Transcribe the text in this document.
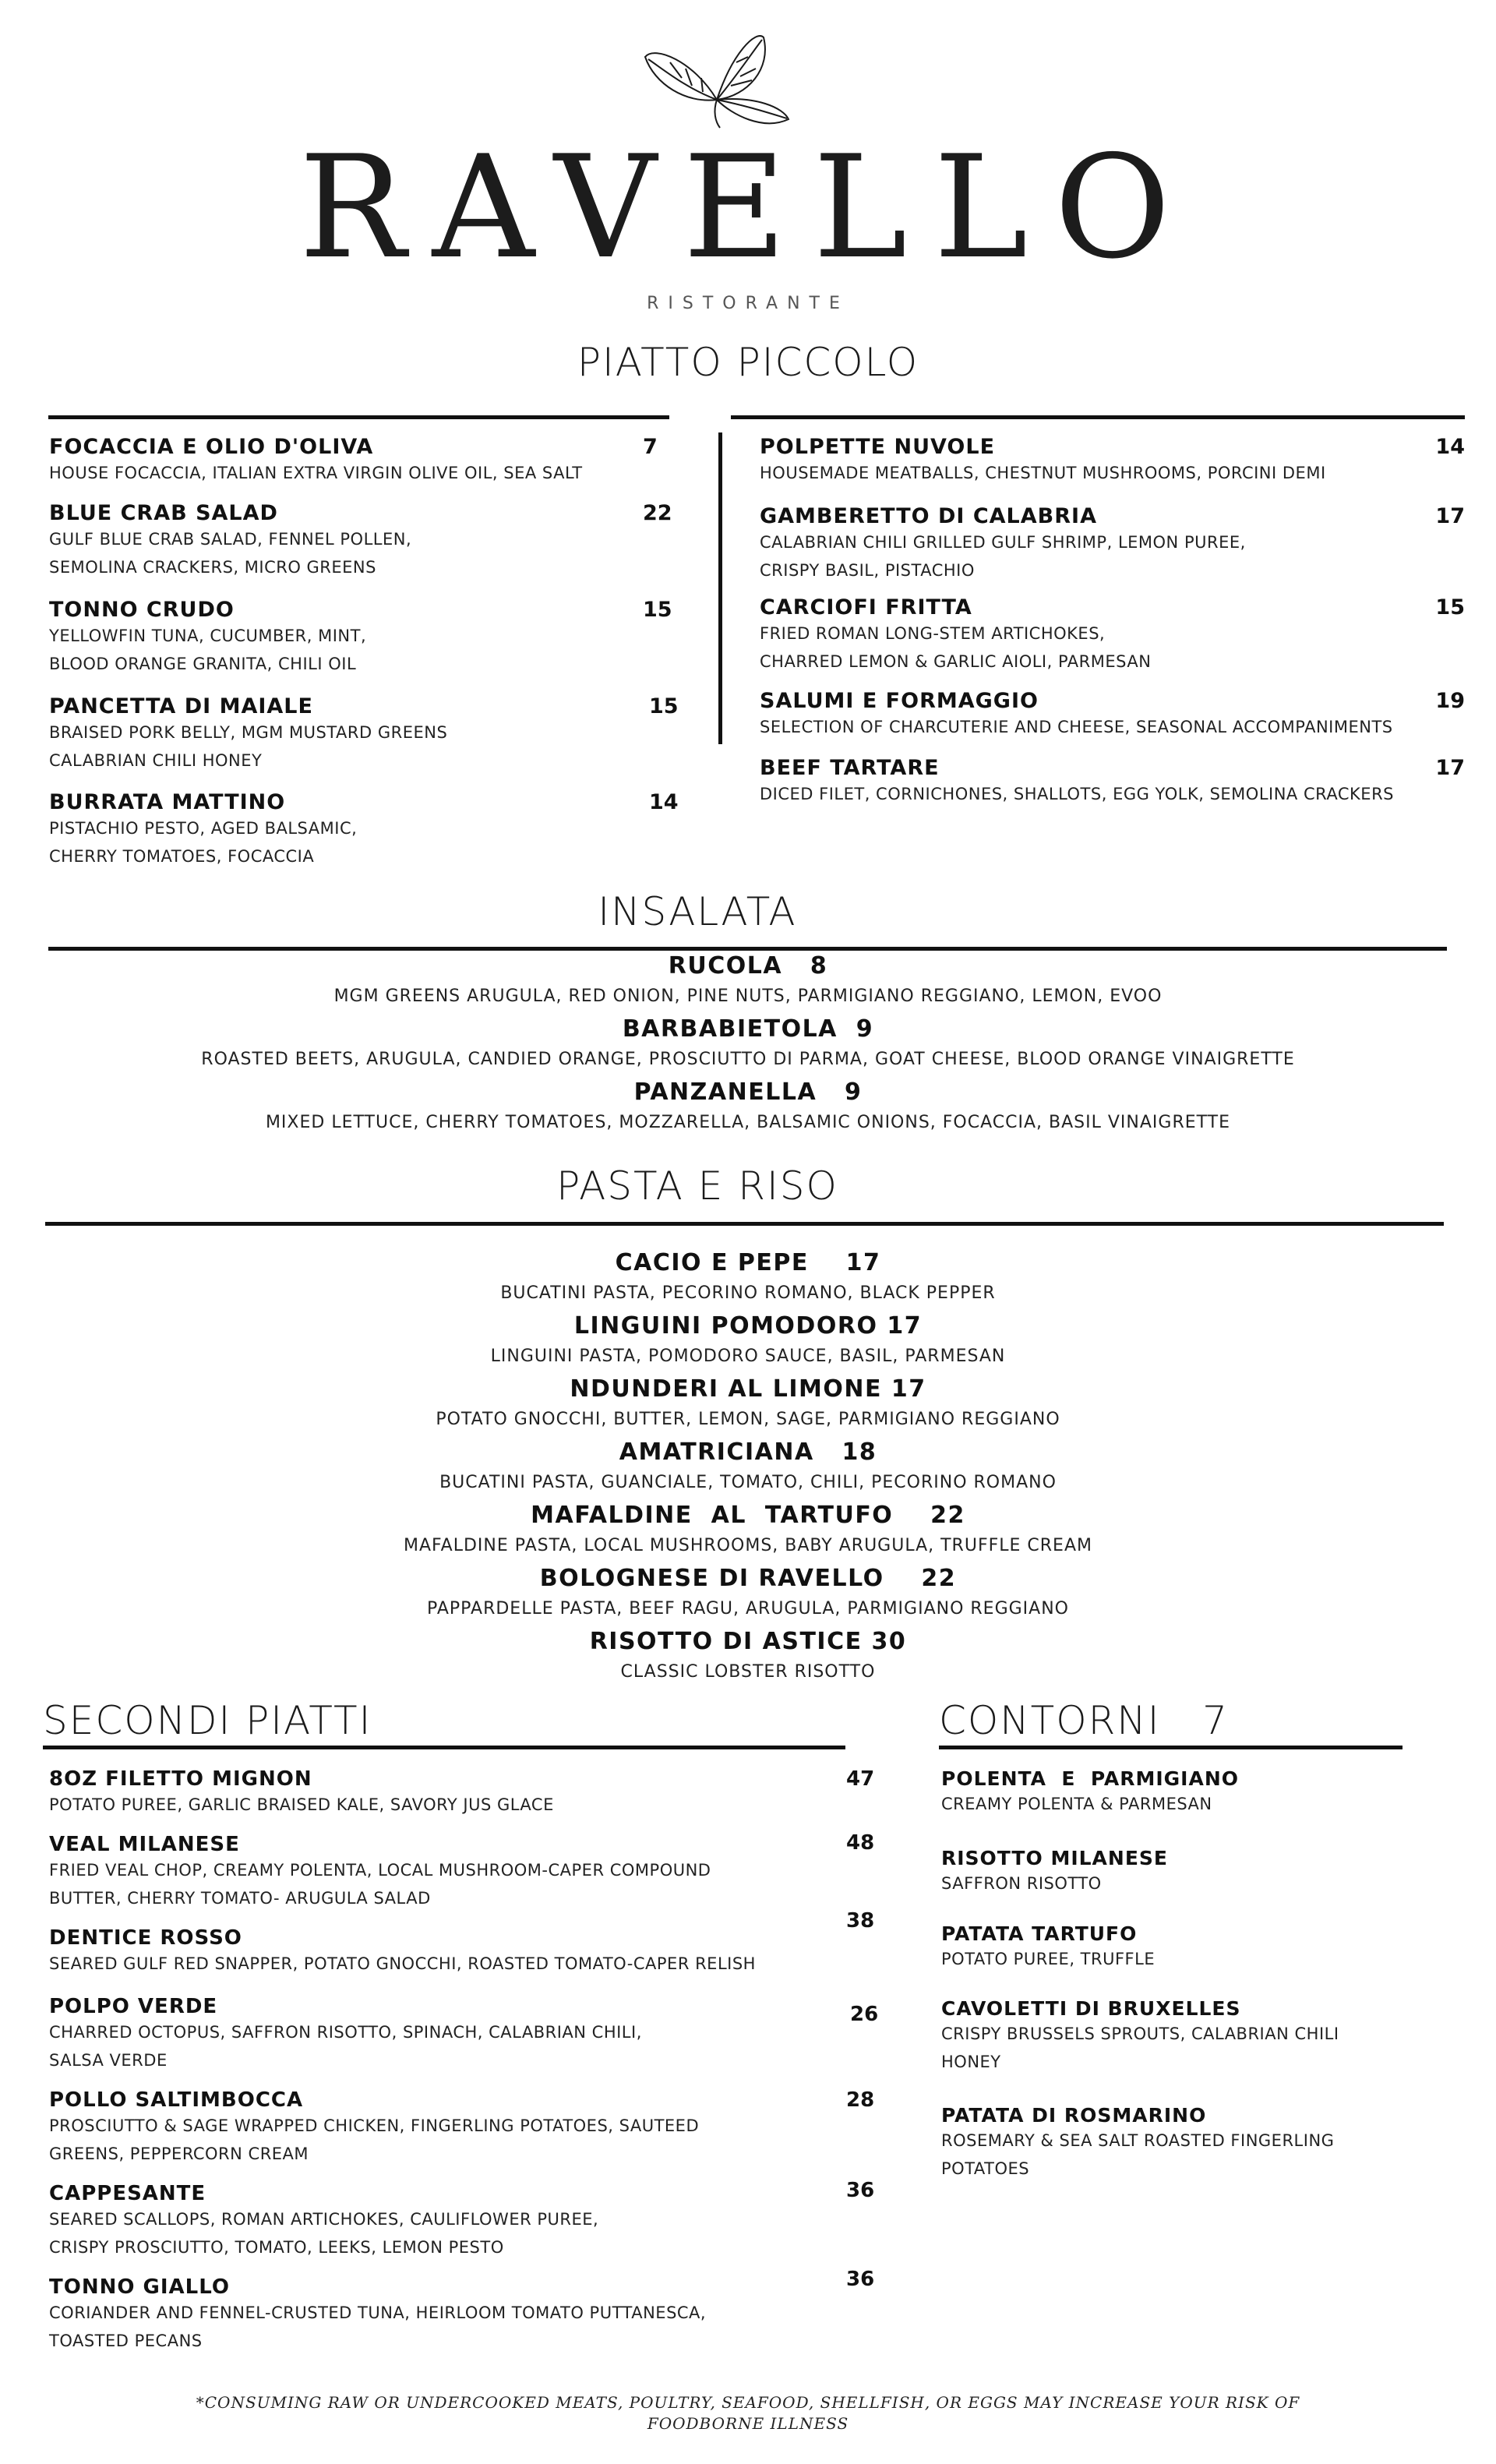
RAVELLO
RISTORANTE
PIATTO PICCOLO
FOCACCIA E OLIO D'OLIVA
HOUSE FOCACCIA, ITALIAN EXTRA VIRGIN OLIVE OIL, SEA SALT
7
BLUE CRAB SALAD
GULF BLUE CRAB SALAD, FENNEL POLLEN,
SEMOLINA CRACKERS, MICRO GREENS
22
TONNO CRUDO
YELLOWFIN TUNA, CUCUMBER, MINT,
BLOOD ORANGE GRANITA, CHILI OIL
15
PANCETTA DI MAIALE
BRAISED PORK BELLY, MGM MUSTARD GREENS
CALABRIAN CHILI HONEY
15
BURRATA MATTINO
PISTACHIO PESTO, AGED BALSAMIC,
CHERRY TOMATOES, FOCACCIA
14
POLPETTE NUVOLE
HOUSEMADE MEATBALLS, CHESTNUT MUSHROOMS, PORCINI DEMI
14
GAMBERETTO DI CALABRIA
CALABRIAN CHILI GRILLED GULF SHRIMP, LEMON PUREE,
CRISPY BASIL, PISTACHIO
17
CARCIOFI FRITTA
FRIED ROMAN LONG-STEM ARTICHOKES,
CHARRED LEMON & GARLIC AIOLI, PARMESAN
15
SALUMI E FORMAGGIO
SELECTION OF CHARCUTERIE AND CHEESE, SEASONAL ACCOMPANIMENTS
19
BEEF TARTARE
DICED FILET, CORNICHONES, SHALLOTS, EGG YOLK, SEMOLINA CRACKERS
17
INSALATA
RUCOLA   8
MGM GREENS ARUGULA, RED ONION, PINE NUTS, PARMIGIANO REGGIANO, LEMON, EVOO
BARBABIETOLA  9
ROASTED BEETS, ARUGULA, CANDIED ORANGE, PROSCIUTTO DI PARMA, GOAT CHEESE, BLOOD ORANGE VINAIGRETTE
PANZANELLA   9
MIXED LETTUCE, CHERRY TOMATOES, MOZZARELLA, BALSAMIC ONIONS, FOCACCIA, BASIL VINAIGRETTE
PASTA E RISO
CACIO E PEPE    17
BUCATINI PASTA, PECORINO ROMANO, BLACK PEPPER
LINGUINI POMODORO 17
LINGUINI PASTA, POMODORO SAUCE, BASIL, PARMESAN
NDUNDERI AL LIMONE 17
POTATO GNOCCHI, BUTTER, LEMON, SAGE, PARMIGIANO REGGIANO
AMATRICIANA   18
BUCATINI PASTA, GUANCIALE, TOMATO, CHILI, PECORINO ROMANO
MAFALDINE  AL  TARTUFO    22
MAFALDINE PASTA, LOCAL MUSHROOMS, BABY ARUGULA, TRUFFLE CREAM
BOLOGNESE DI RAVELLO    22
PAPPARDELLE PASTA, BEEF RAGU, ARUGULA, PARMIGIANO REGGIANO
RISOTTO DI ASTICE 30
CLASSIC LOBSTER RISOTTO
SECONDI PIATTI
8OZ FILETTO MIGNON
POTATO PUREE, GARLIC BRAISED KALE, SAVORY JUS GLACE
47
VEAL MILANESE
FRIED VEAL CHOP, CREAMY POLENTA, LOCAL MUSHROOM-CAPER COMPOUND
BUTTER, CHERRY TOMATO- ARUGULA SALAD
48
DENTICE ROSSO
SEARED GULF RED SNAPPER, POTATO GNOCCHI, ROASTED TOMATO-CAPER RELISH
38
POLPO VERDE
CHARRED OCTOPUS, SAFFRON RISOTTO, SPINACH, CALABRIAN CHILI,
SALSA VERDE
26
POLLO SALTIMBOCCA
PROSCIUTTO & SAGE WRAPPED CHICKEN, FINGERLING POTATOES, SAUTEED
GREENS, PEPPERCORN CREAM
28
CAPPESANTE
SEARED SCALLOPS, ROMAN ARTICHOKES, CAULIFLOWER PUREE,
CRISPY PROSCIUTTO, TOMATO, LEEKS, LEMON PESTO
36
TONNO GIALLO
CORIANDER AND FENNEL-CRUSTED TUNA, HEIRLOOM TOMATO PUTTANESCA,
TOASTED PECANS
36
CONTORNI   7
POLENTA  E  PARMIGIANO
CREAMY POLENTA & PARMESAN
RISOTTO MILANESE
SAFFRON RISOTTO
PATATA TARTUFO
POTATO PUREE, TRUFFLE
CAVOLETTI DI BRUXELLES
CRISPY BRUSSELS SPROUTS, CALABRIAN CHILI
HONEY
PATATA DI ROSMARINO
ROSEMARY & SEA SALT ROASTED FINGERLING
POTATOES
*CONSUMING RAW OR UNDERCOOKED MEATS, POULTRY, SEAFOOD, SHELLFISH, OR EGGS MAY INCREASE YOUR RISK OF FOODBORNE ILLNESS
